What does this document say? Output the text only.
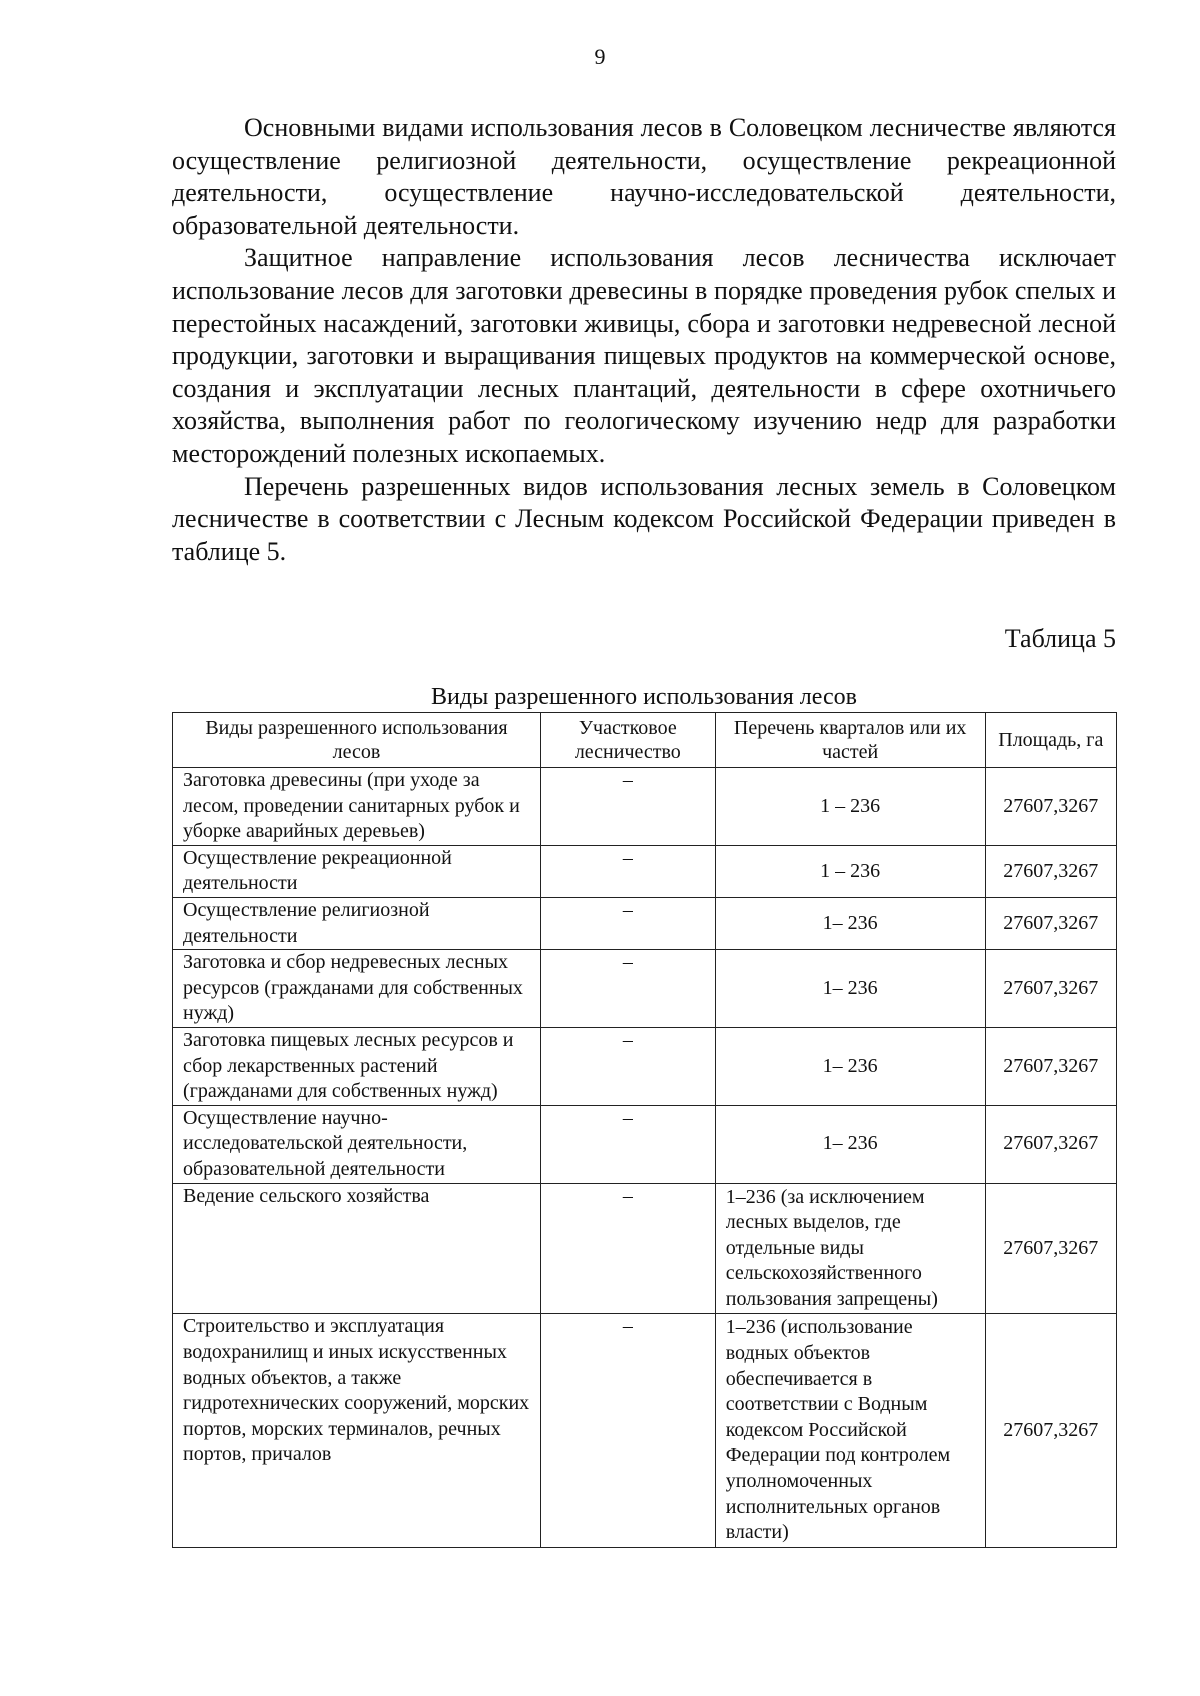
9

Основными видами использования лесов в Соловецком лесничестве являются осуществление религиозной деятельности, осуществление рекреационной деятельности, осуществление научно-исследовательской деятельности, образовательной деятельности.

Защитное направление использования лесов лесничества исключает использование лесов для заготовки древесины в порядке проведения рубок спелых и перестойных насаждений, заготовки живицы, сбора и заготовки недревесной лесной продукции, заготовки и выращивания пищевых продуктов на коммерческой основе, создания и эксплуатации лесных плантаций, деятельности в сфере охотничьего хозяйства, выполнения работ по геологическому изучению недр для разработки месторождений полезных ископаемых.

Перечень разрешенных видов использования лесных земель в Соловецком лесничестве в соответствии с Лесным кодексом Российской Федерации приведен в таблице 5.

Таблица 5
Виды разрешенного использования лесов
Виды разрешенного использования лесов	Участковое лесничество	Перечень кварталов или их частей	Площадь, га
Заготовка древесины (при уходе за лесом, проведении санитарных рубок и уборке аварийных деревьев)	–	1 – 236	27607,3267
Осуществление рекреационной деятельности	–	1 – 236	27607,3267
Осуществление религиозной деятельности	–	1– 236	27607,3267
Заготовка и сбор недревесных лесных ресурсов (гражданами для собственных нужд)	–	1– 236	27607,3267
Заготовка пищевых лесных ресурсов и сбор лекарственных растений (гражданами для собственных нужд)	–	1– 236	27607,3267
Осуществление научно-исследовательской деятельности, образовательной деятельности	–	1– 236	27607,3267
Ведение сельского хозяйства	–	1–236 (за исключением лесных выделов, где отдельные виды сельскохозяйственного пользования запрещены)	27607,3267
Строительство и эксплуатация водохранилищ и иных искусственных водных объектов, а также гидротехнических сооружений, морских портов, морских терминалов, речных портов, причалов	–	1–236 (использование водных объектов обеспечивается в соответствии с Водным кодексом Российской Федерации под контролем уполномоченных исполнительных органов власти)	27607,3267
